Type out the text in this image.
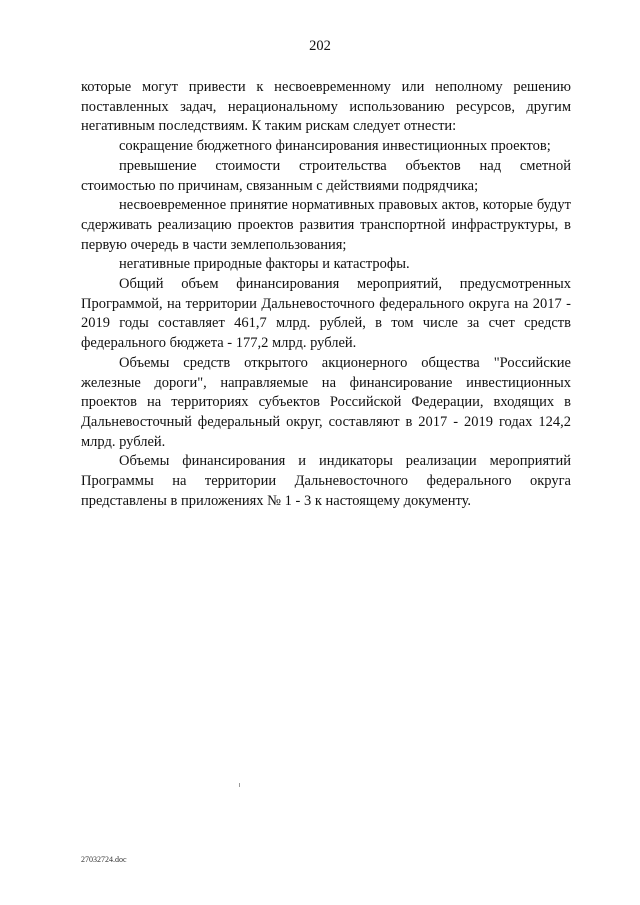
202

которые могут привести к несвоевременному или неполному решению поставленных задач, нерациональному использованию ресурсов, другим негативным последствиям. К таким рискам следует отнести:

сокращение бюджетного финансирования инвестиционных проектов;

превышение стоимости строительства объектов над сметной стоимостью по причинам, связанным с действиями подрядчика;

несвоевременное принятие нормативных правовых актов, которые будут сдерживать реализацию проектов развития транспортной инфраструктуры, в первую очередь в части землепользования;

негативные природные факторы и катастрофы.

Общий объем финансирования мероприятий, предусмотренных Программой, на территории Дальневосточного федерального округа на 2017 - 2019 годы составляет 461,7 млрд. рублей, в том числе за счет средств федерального бюджета - 177,2 млрд. рублей.

Объемы средств открытого акционерного общества "Российские железные дороги", направляемые на финансирование инвестиционных проектов на территориях субъектов Российской Федерации, входящих в Дальневосточный федеральный округ, составляют в 2017 - 2019 годах 124,2 млрд. рублей.

Объемы финансирования и индикаторы реализации мероприятий Программы на территории Дальневосточного федерального округа представлены в приложениях № 1 - 3 к настоящему документу.

27032724.doc
